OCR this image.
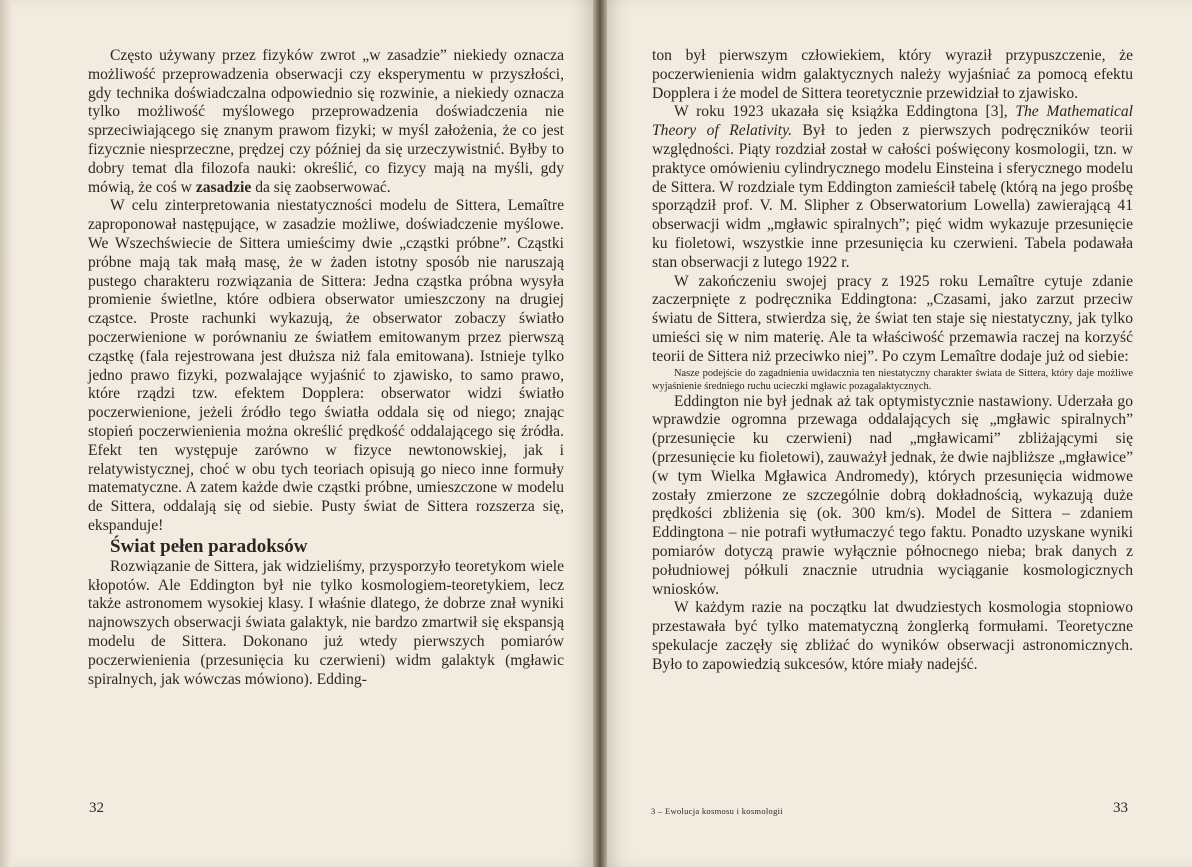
Często używany przez fizyków zwrot „w zasadzie” niekiedy oznacza możliwość przeprowadzenia obserwacji czy eksperymentu w przyszłości, gdy technika doświadczalna odpowiednio się rozwinie, a niekiedy oznacza tylko możliwość myślowego przeprowadzenia doświadczenia nie sprzeciwiającego się znanym prawom fizyki; w myśl założenia, że co jest fizycznie niesprzeczne, prędzej czy później da się urzeczywistnić. Byłby to dobry temat dla filozofa nauki: określić, co fizycy mają na myśli, gdy mówią, że coś w zasadzie da się zaobserwować.

W celu zinterpretowania niestatyczności modelu de Sittera, Lemaître zaproponował następujące, w zasadzie możliwe, doświadczenie myślowe. We Wszechświecie de Sittera umieścimy dwie „cząstki próbne”. Cząstki próbne mają tak małą masę, że w żaden istotny sposób nie naruszają pustego charakteru rozwiązania de Sittera: Jedna cząstka próbna wysyła promienie świetlne, które odbiera obserwator umieszczony na drugiej cząstce. Proste rachunki wykazują, że obserwator zobaczy światło poczerwienione w porównaniu ze światłem emitowanym przez pierwszą cząstkę (fala rejestrowana jest dłuższa niż fala emitowana). Istnieje tylko jedno prawo fizyki, pozwalające wyjaśnić to zjawisko, to samo prawo, które rządzi tzw. efektem Dopplera: obserwator widzi światło poczerwienione, jeżeli źródło tego światła oddala się od niego; znając stopień poczerwienienia można określić prędkość oddalającego się źródła. Efekt ten występuje zarówno w fizyce newtonowskiej, jak i relatywistycznej, choć w obu tych teoriach opisują go nieco inne formuły matematyczne. A zatem każde dwie cząstki próbne, umieszczone w modelu de Sittera, oddalają się od siebie. Pusty świat de Sittera rozszerza się, ekspanduje!

Świat pełen paradoksów

Rozwiązanie de Sittera, jak widzieliśmy, przysporzyło teoretykom wiele kłopotów. Ale Eddington był nie tylko kosmologiem-teoretykiem, lecz także astronomem wysokiej klasy. I właśnie dlatego, że dobrze znał wyniki najnowszych obserwacji świata galaktyk, nie bardzo zmartwił się ekspansją modelu de Sittera. Dokonano już wtedy pierwszych pomiarów poczerwienienia (przesunięcia ku czerwieni) widm galaktyk (mgławic spiralnych, jak wówczas mówiono). Edding-

32

ton był pierwszym człowiekiem, który wyraził przypuszczenie, że poczerwienienia widm galaktycznych należy wyjaśniać za pomocą efektu Dopplera i że model de Sittera teoretycznie przewidział to zjawisko.

W roku 1923 ukazała się książka Eddingtona [3], The Mathematical Theory of Relativity. Był to jeden z pierwszych podręczników teorii względności. Piąty rozdział został w całości poświęcony kosmologii, tzn. w praktyce omówieniu cylindrycznego modelu Einsteina i sferycznego modelu de Sittera. W rozdziale tym Eddington zamieścił tabelę (którą na jego prośbę sporządził prof. V. M. Slipher z Obserwatorium Lowella) zawierającą 41 obserwacji widm „mgławic spiralnych”; pięć widm wykazuje przesunięcie ku fioletowi, wszystkie inne przesunięcia ku czerwieni. Tabela podawała stan obserwacji z lutego 1922 r.

W zakończeniu swojej pracy z 1925 roku Lemaître cytuje zdanie zaczerpnięte z podręcznika Eddingtona: „Czasami, jako zarzut przeciw światu de Sittera, stwierdza się, że świat ten staje się niestatyczny, jak tylko umieści się w nim materię. Ale ta właściwość przemawia raczej na korzyść teorii de Sittera niż przeciwko niej”. Po czym Lemaître dodaje już od siebie:

Nasze podejście do zagadnienia uwidacznia ten niestatyczny charakter świata de Sittera, który daje możliwe wyjaśnienie średniego ruchu ucieczki mgławic pozagalaktycznych.

Eddington nie był jednak aż tak optymistycznie nastawiony. Uderzała go wprawdzie ogromna przewaga oddalających się „mgławic spiralnych” (przesunięcie ku czerwieni) nad „mgławicami” zbliżającymi się (przesunięcie ku fioletowi), zauważył jednak, że dwie najbliższe „mgławice” (w tym Wielka Mgławica Andromedy), których przesunięcia widmowe zostały zmierzone ze szczególnie dobrą dokładnością, wykazują duże prędkości zbliżenia się (ok. 300 km/s). Model de Sittera – zdaniem Eddingtona – nie potrafi wytłumaczyć tego faktu. Ponadto uzyskane wyniki pomiarów dotyczą prawie wyłącznie północnego nieba; brak danych z południowej półkuli znacznie utrudnia wyciąganie kosmologicznych wniosków.

W każdym razie na początku lat dwudziestych kosmologia stopniowo przestawała być tylko matematyczną żonglerką formułami. Teoretyczne spekulacje zaczęły się zbliżać do wyników obserwacji astronomicznych. Było to zapowiedzią sukcesów, które miały nadejść.

3 – Ewolucja kosmosu i kosmologii	33
